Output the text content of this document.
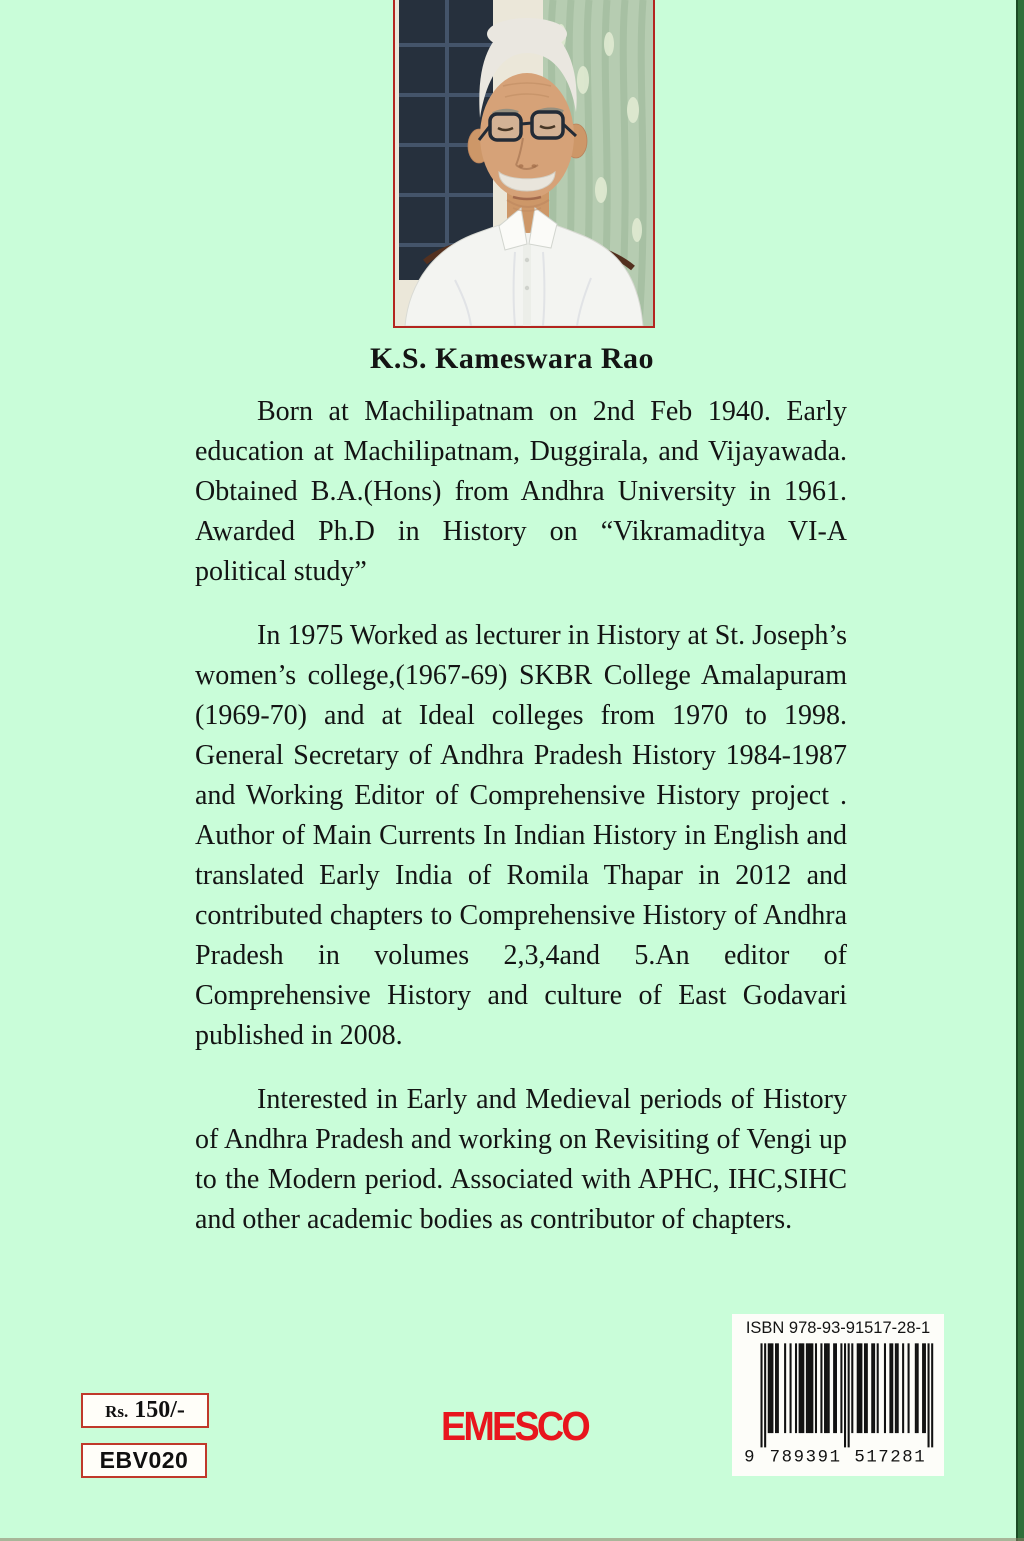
K.S. Kameswara Rao

Born at Machilipatnam on 2nd Feb 1940. Early education at Machilipatnam, Duggirala, and Vijayawada. Obtained B.A.(Hons) from Andhra University in 1961. Awarded Ph.D in History on “Vikramaditya VI-A political study”

In 1975 Worked as lecturer in History at St. Joseph’s women’s college,(1967-69) SKBR College Amalapuram (1969-70) and at Ideal colleges from 1970 to 1998. General Secretary of Andhra Pradesh History 1984-1987 and Working Editor of Comprehensive History project . Author of Main Currents In Indian History in English and translated Early India of Romila Thapar in 2012 and contributed chapters to Comprehensive History of Andhra Pradesh in volumes 2,3,4and 5.An editor of Comprehensive History and culture of East Godavari published in 2008.

Interested in Early and Medieval periods of History of Andhra Pradesh and working on Revisiting of Vengi up to the Modern period. Associated with APHC, IHC,SIHC and other academic bodies as contributor of chapters.

Rs. 150/-
EBV020
EMESCO
ISBN 978-93-91517-28-1
9 789391 517281
